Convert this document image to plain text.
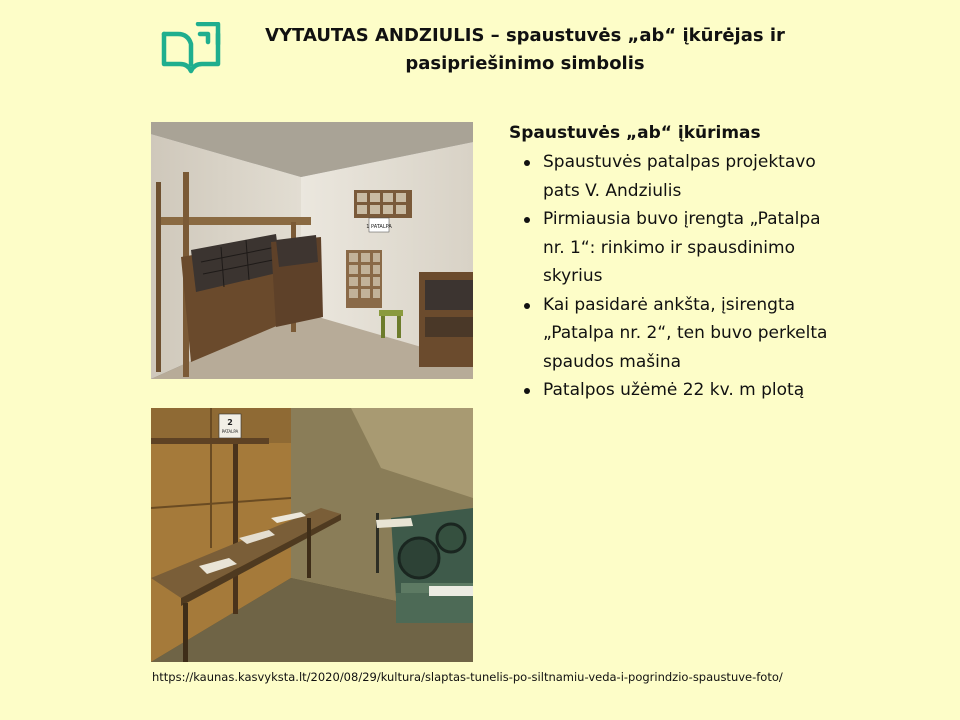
VYTAUTAS ANDZIULIS – spaustuvės „ab“ įkūrėjas ir pasipriešinimo simbolis
1 PATALPA
2
PATALPA

Spaustuvės „ab“ įkūrimas

Spaustuvės patalpas projektavo pats V. Andziulis
Pirmiausia buvo įrengta „Patalpa nr. 1“: rinkimo ir spausdinimo skyrius
Kai pasidarė ankšta, įsirengta „Patalpa nr. 2“, ten buvo perkelta spaudos mašina
Patalpos užėmė 22 kv. m plotą
https://kaunas.kasvyksta.lt/2020/08/29/kultura/slaptas-tunelis-po-siltnamiu-veda-i-pogrindzio-spaustuve-foto/
